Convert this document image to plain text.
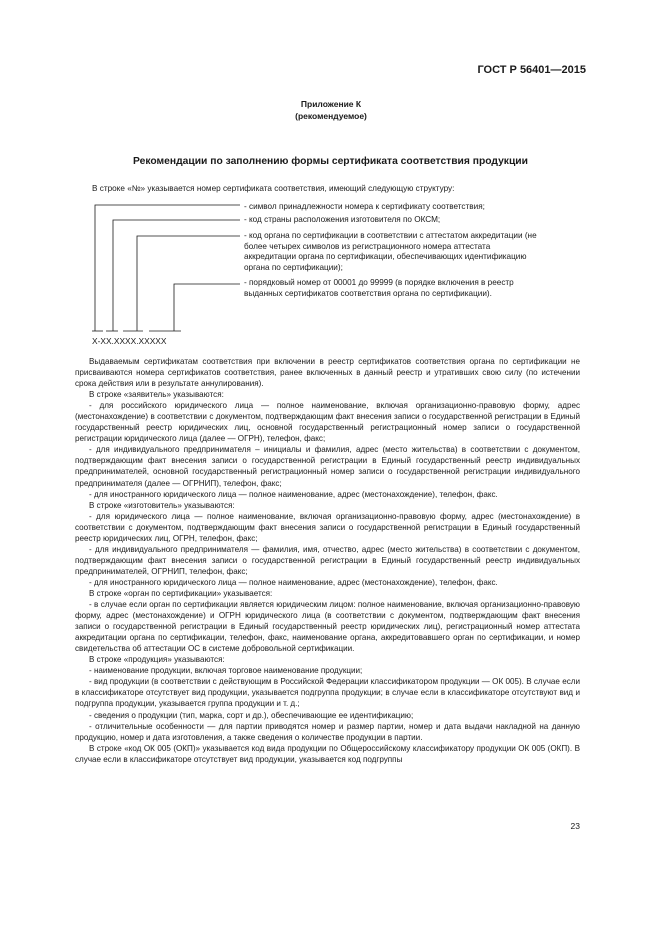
ГОСТ Р 56401—2015
Приложение К
(рекомендуемое)
Рекомендации по заполнению формы сертификата соответствия продукции
В строке «№» указывается номер сертификата соответствия, имеющий следующую структуру:
- символ принадлежности номера к сертификату соответствия;
- код страны расположения изготовителя по ОКСМ;
- код органа по сертификации в соответствии с аттестатом аккредитации (не более четырех символов из регистрационного номера аттестата аккредитации органа по сертификации, обеспечивающих идентификацию органа по сертификации);
- порядковый номер от 00001 до 99999 (в порядке включения в реестр выданных сертификатов соответствия органа по сертификации).
X-XX.XXXX.XXXXX

Выдаваемым сертификатам соответствия при включении в реестр сертификатов соответствия органа по сертификации не присваиваются номера сертификатов соответствия, ранее включенных в данный реестр и утративших свою силу (по истечении срока действия или в результате аннулирования).

В строке «заявитель» указываются:

- для российского юридического лица — полное наименование, включая организационно-правовую форму, адрес (местонахождение) в соответствии с документом, подтверждающим факт внесения записи о государственной регистрации в Единый государственный реестр юридических лиц, основной государственный регистрационный номер записи о государственной регистрации юридического лица (далее — ОГРН), телефон, факс;

- для индивидуального предпринимателя – инициалы и фамилия, адрес (место жительства) в соответствии с документом, подтверждающим факт внесения записи о государственной регистрации в Единый государственный реестр индивидуальных предпринимателей, основной государственный регистрационный номер записи о государственной регистрации индивидуального предпринимателя (далее — ОГРНИП), телефон, факс;

- для иностранного юридического лица — полное наименование, адрес (местонахождение), телефон, факс.

В строке «изготовитель» указываются:

- для юридического лица — полное наименование, включая организационно-правовую форму, адрес (местонахождение) в соответствии с документом, подтверждающим факт внесения записи о государственной регистрации в Единый государственный реестр юридических лиц, ОГРН, телефон, факс;

- для индивидуального предпринимателя — фамилия, имя, отчество, адрес (место жительства) в соответствии с документом, подтверждающим факт внесения записи о государственной регистрации в Единый государственный реестр индивидуальных предпринимателей, ОГРНИП, телефон, факс;

- для иностранного юридического лица — полное наименование, адрес (местонахождение), телефон, факс.

В строке «орган по сертификации» указывается:

- в случае если орган по сертификации является юридическим лицом: полное наименование, включая организационно-правовую форму, адрес (местонахождение) и ОГРН юридического лица (в соответствии с документом, подтверждающим факт внесения записи о государственной регистрации в Единый государственный реестр юридических лиц), регистрационный номер аттестата аккредитации органа по сертификации, телефон, факс, наименование органа, аккредитовавшего орган по сертификации, и номер свидетельства об аттестации ОС в системе добровольной сертификации.

В строке «продукция» указываются:

- наименование продукции, включая торговое наименование продукции;

- вид продукции (в соответствии с действующим в Российской Федерации классификатором продукции — ОК 005). В случае если в классификаторе отсутствует вид продукции, указывается подгруппа продукции; в случае если в классификаторе отсутствуют вид и подгруппа продукции, указывается группа продукции и т. д.;

- сведения о продукции (тип, марка, сорт и др.), обеспечивающие ее идентификацию;

- отличительные особенности — для партии приводятся номер и размер партии, номер и дата выдачи накладной на данную продукцию, номер и дата изготовления, а также сведения о количестве продукции в партии.

В строке «код ОК 005 (ОКП)» указывается код вида продукции по Общероссийскому классификатору продукции ОК 005 (ОКП). В случае если в классификаторе отсутствует вид продукции, указывается код подгруппы

23
